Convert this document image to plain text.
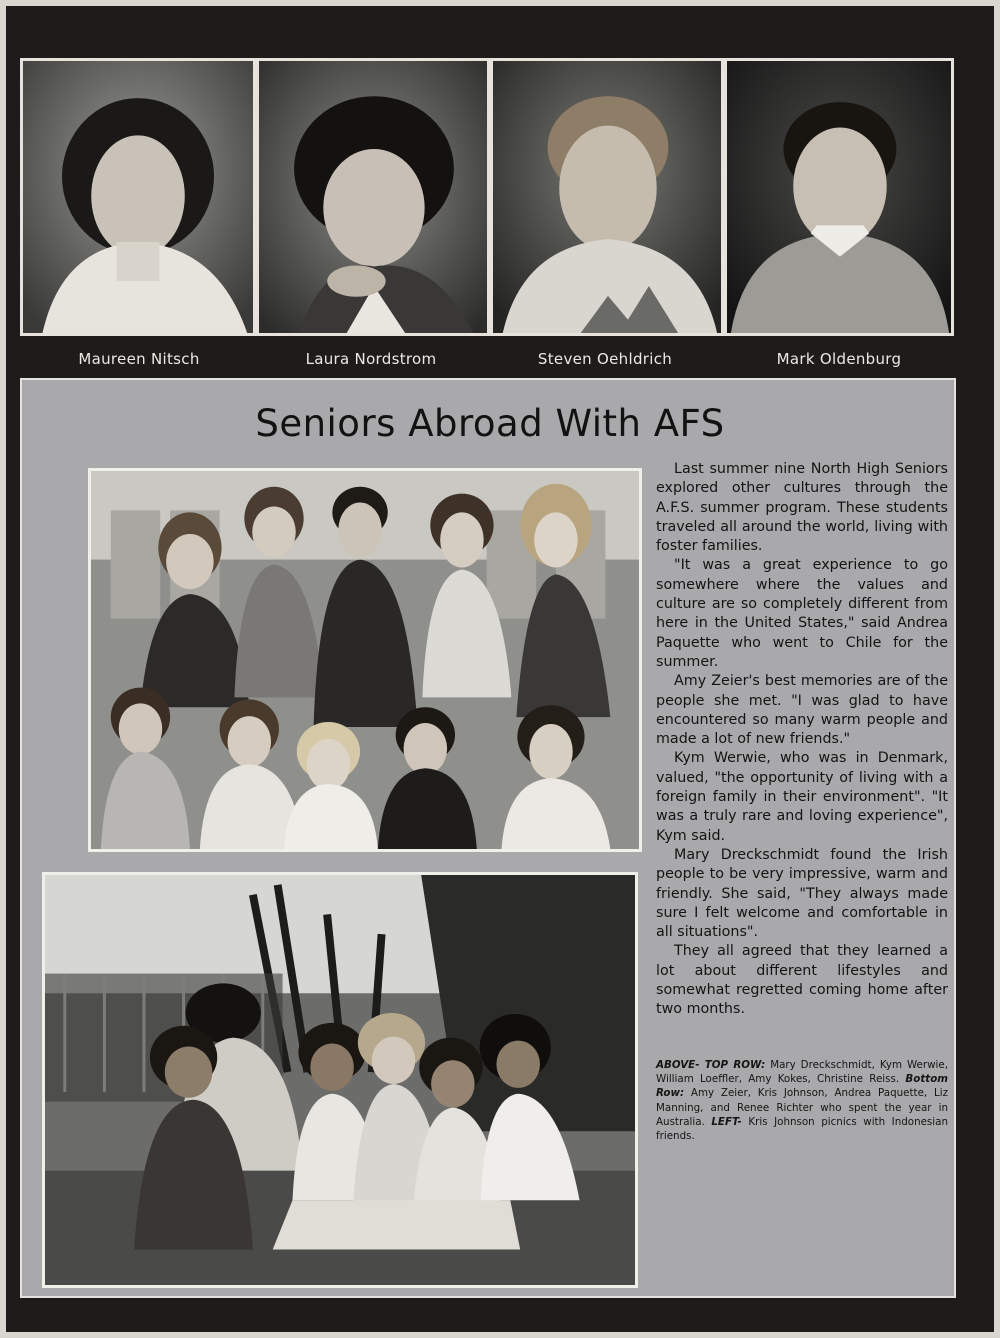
Maureen Nitsch	Laura Nordstrom	Steven Oehldrich	Mark Oldenburg
Seniors Abroad With AFS

Last summer nine North High Seniors explored other cultures through the A.F.S. summer program. These students traveled all around the world, living with foster families.

"It was a great experience to go somewhere where the values and culture are so completely different from here in the United States," said Andrea Paquette who went to Chile for the summer.

Amy Zeier's best memories are of the people she met. "I was glad to have encountered so many warm people and made a lot of new friends."

Kym Werwie, who was in Denmark, valued, "the opportunity of living with a foreign family in their environment". "It was a truly rare and loving experience", Kym said.

Mary Dreckschmidt found the Irish people to be very impressive, warm and friendly. She said, "They always made sure I felt welcome and comfortable in all situations".

They all agreed that they learned a lot about different lifestyles and somewhat regretted coming home after two months.

ABOVE- TOP ROW: Mary Dreckschmidt, Kym Werwie, William Loeffler, Amy Kokes, Christine Reiss. Bottom Row: Amy Zeier, Kris Johnson, Andrea Paquette, Liz Manning, and Renee Richter who spent the year in Australia. LEFT- Kris Johnson picnics with Indonesian friends.
